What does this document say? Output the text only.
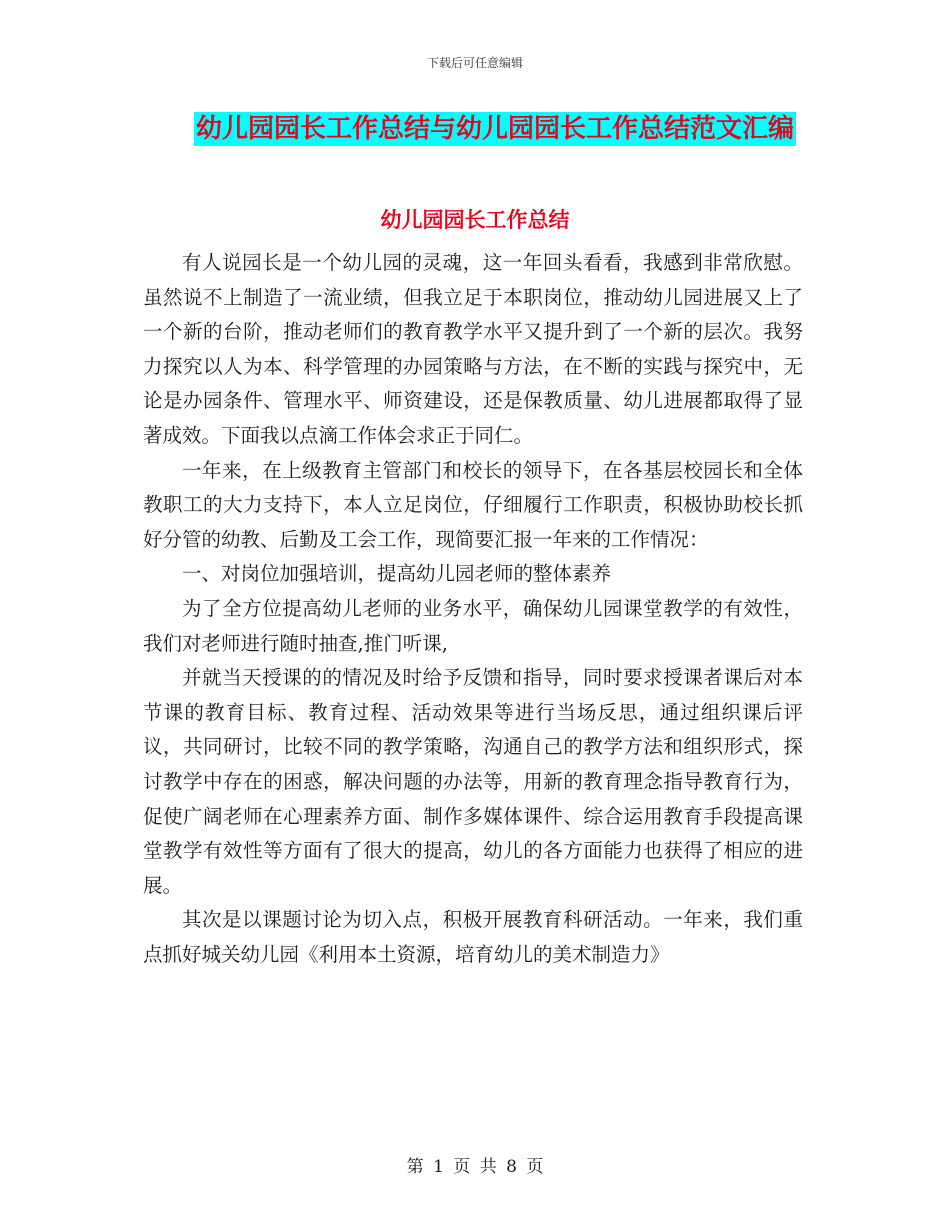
下载后可任意编辑
幼儿园园长工作总结与幼儿园园长工作总结范文汇编
幼儿园园长工作总结

有人说园长是一个幼儿园的灵魂，这一年回头看看，我感到非常欣慰。虽然说不上制造了一流业绩，但我立足于本职岗位，推动幼儿园进展又上了一个新的台阶，推动老师们的教育教学水平又提升到了一个新的层次。我努力探究以人为本、科学管理的办园策略与方法，在不断的实践与探究中，无论是办园条件、管理水平、师资建设，还是保教质量、幼儿进展都取得了显著成效。下面我以点滴工作体会求正于同仁。

一年来，在上级教育主管部门和校长的领导下，在各基层校园长和全体教职工的大力支持下，本人立足岗位，仔细履行工作职责，积极协助校长抓好分管的幼教、后勤及工会工作，现简要汇报一年来的工作情况：

一、对岗位加强培训，提高幼儿园老师的整体素养

为了全方位提高幼儿老师的业务水平，确保幼儿园课堂教学的有效性，我们对老师进行随时抽查,推门听课,

并就当天授课的的情况及时给予反馈和指导，同时要求授课者课后对本节课的教育目标、教育过程、活动效果等进行当场反思，通过组织课后评议，共同研讨，比较不同的教学策略，沟通自己的教学方法和组织形式，探讨教学中存在的困惑，解决问题的办法等，用新的教育理念指导教育行为，促使广阔老师在心理素养方面、制作多媒体课件、综合运用教育手段提高课堂教学有效性等方面有了很大的提高，幼儿的各方面能力也获得了相应的进展。

其次是以课题讨论为切入点，积极开展教育科研活动。一年来，我们重点抓好城关幼儿园《利用本土资源，培育幼儿的美术制造力》

第 1 页 共 8 页
